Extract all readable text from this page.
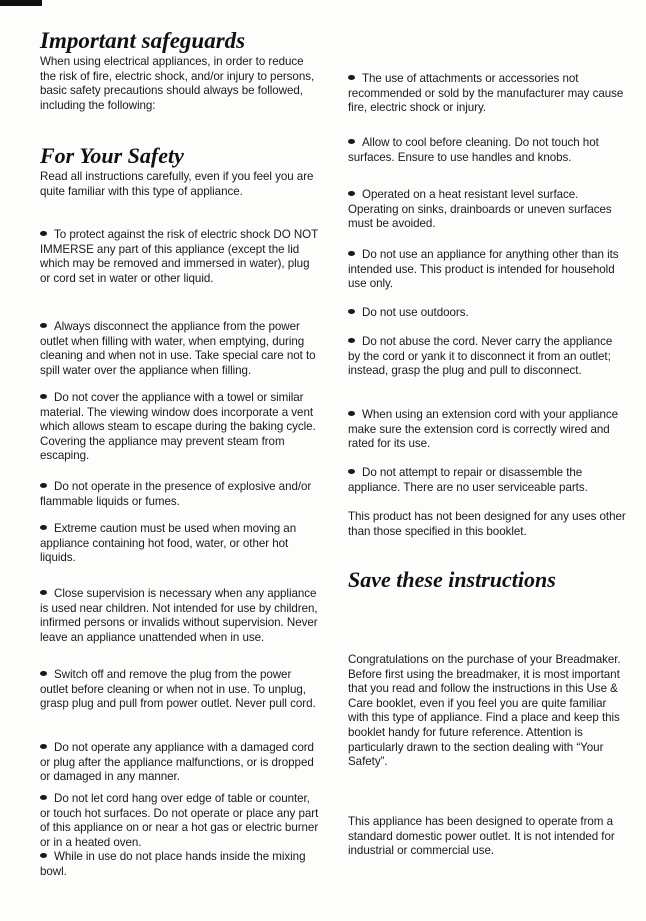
Important safeguards

When using electrical appliances, in order to reduce the risk of fire, electric shock, and/or injury to persons, basic safety precautions should always be followed, including the following:

For Your Safety

Read all instructions carefully, even if you feel you are quite familiar with this type of appliance.

To protect against the risk of electric shock DO NOT IMMERSE any part of this appliance (except the lid which may be removed and immersed in water), plug or cord set in water or other liquid.

Always disconnect the appliance from the power outlet when filling with water, when emptying, during cleaning and when not in use. Take special care not to spill water over the appliance when filling.

Do not cover the appliance with a towel or similar material. The viewing window does incorporate a vent which allows steam to escape during the baking cycle. Covering the appliance may prevent steam from escaping.

Do not operate in the presence of explosive and/or flammable liquids or fumes.

Extreme caution must be used when moving an appliance containing hot food, water, or other hot liquids.

Close supervision is necessary when any appliance is used near children. Not intended for use by children, infirmed persons or invalids without supervision. Never leave an appliance unattended when in use.

Switch off and remove the plug from the power outlet before cleaning or when not in use. To unplug, grasp plug and pull from power outlet. Never pull cord.

Do not operate any appliance with a damaged cord or plug after the appliance malfunctions, or is dropped or damaged in any manner.

Do not let cord hang over edge of table or counter, or touch hot surfaces. Do not operate or place any part of this appliance on or near a hot gas or electric burner or in a heated oven.

While in use do not place hands inside the mixing bowl.

The use of attachments or accessories not recommended or sold by the manufacturer may cause fire, electric shock or injury.

Allow to cool before cleaning. Do not touch hot surfaces. Ensure to use handles and knobs.

Operated on a heat resistant level surface. Operating on sinks, drainboards or uneven surfaces must be avoided.

Do not use an appliance for anything other than its intended use. This product is intended for household use only.

Do not use outdoors.

Do not abuse the cord. Never carry the appliance by the cord or yank it to disconnect it from an outlet; instead, grasp the plug and pull to disconnect.

When using an extension cord with your appliance make sure the extension cord is correctly wired and rated for its use.

Do not attempt to repair or disassemble the appliance. There are no user serviceable parts.

This product has not been designed for any uses other than those specified in this booklet.

Save these instructions

Congratulations on the purchase of your Breadmaker. Before first using the breadmaker, it is most important that you read and follow the instructions in this Use & Care booklet, even if you feel you are quite familiar with this type of appliance. Find a place and keep this booklet handy for future reference. Attention is particularly drawn to the section dealing with “Your Safety”.

This appliance has been designed to operate from a standard domestic power outlet. It is not intended for industrial or commercial use.
